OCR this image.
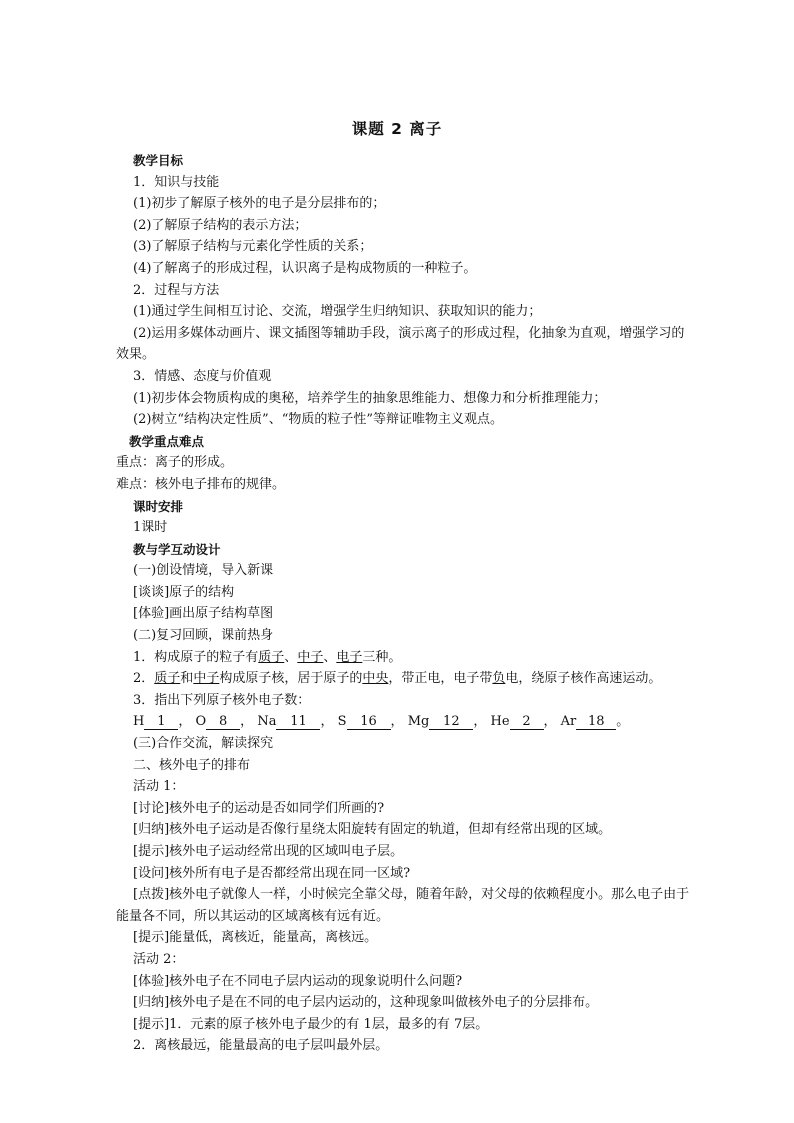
课题 2 离子
教学目标
1．知识与技能
(1)初步了解原子核外的电子是分层排布的；
(2)了解原子结构的表示方法；
(3)了解原子结构与元素化学性质的关系；
(4)了解离子的形成过程，认识离子是构成物质的一种粒子。
2．过程与方法
(1)通过学生间相互讨论、交流，增强学生归纳知识、获取知识的能力；
(2)运用多媒体动画片、课文插图等辅助手段，演示离子的形成过程，化抽象为直观，增强学习的效果。
3．情感、态度与价值观
(1)初步体会物质构成的奥秘，培养学生的抽象思维能力、想像力和分析推理能力；
(2)树立“结构决定性质”、“物质的粒子性”等辩证唯物主义观点。
教学重点难点
重点：离子的形成。
难点：核外电子排布的规律。
课时安排
1课时
教与学互动设计
(一)创设情境，导入新课
[谈谈]原子的结构
[体验]画出原子结构草图
(二)复习回顾，课前热身
1．构成原子的粒子有质子、中子、电子三种。
2．质子和中子构成原子核，居于原子的中央，带正电，电子带负电，绕原子核作高速运动。
3．指出下列原子核外电子数：
H 1 ， O 8 ， Na 11 ， S 16 ， Mg 12 ， He 2 ， Ar 18 。
(三)合作交流，解读探究
二、核外电子的排布
活动 1：
[讨论]核外电子的运动是否如同学们所画的?
[归纳]核外电子运动是否像行星绕太阳旋转有固定的轨道，但却有经常出现的区域。
[提示]核外电子运动经常出现的区域叫电子层。
[设问]核外所有电子是否都经常出现在同一区域?
[点拨]核外电子就像人一样，小时候完全靠父母，随着年龄，对父母的依赖程度小。那么电子由于能量各不同，所以其运动的区域离核有远有近。
[提示]能量低，离核近，能量高，离核远。
活动 2：
[体验]核外电子在不同电子层内运动的现象说明什么问题?
[归纳]核外电子是在不同的电子层内运动的，这种现象叫做核外电子的分层排布。
[提示]1．元素的原子核外电子最少的有 1层，最多的有 7层。
2．离核最远，能量最高的电子层叫最外层。
